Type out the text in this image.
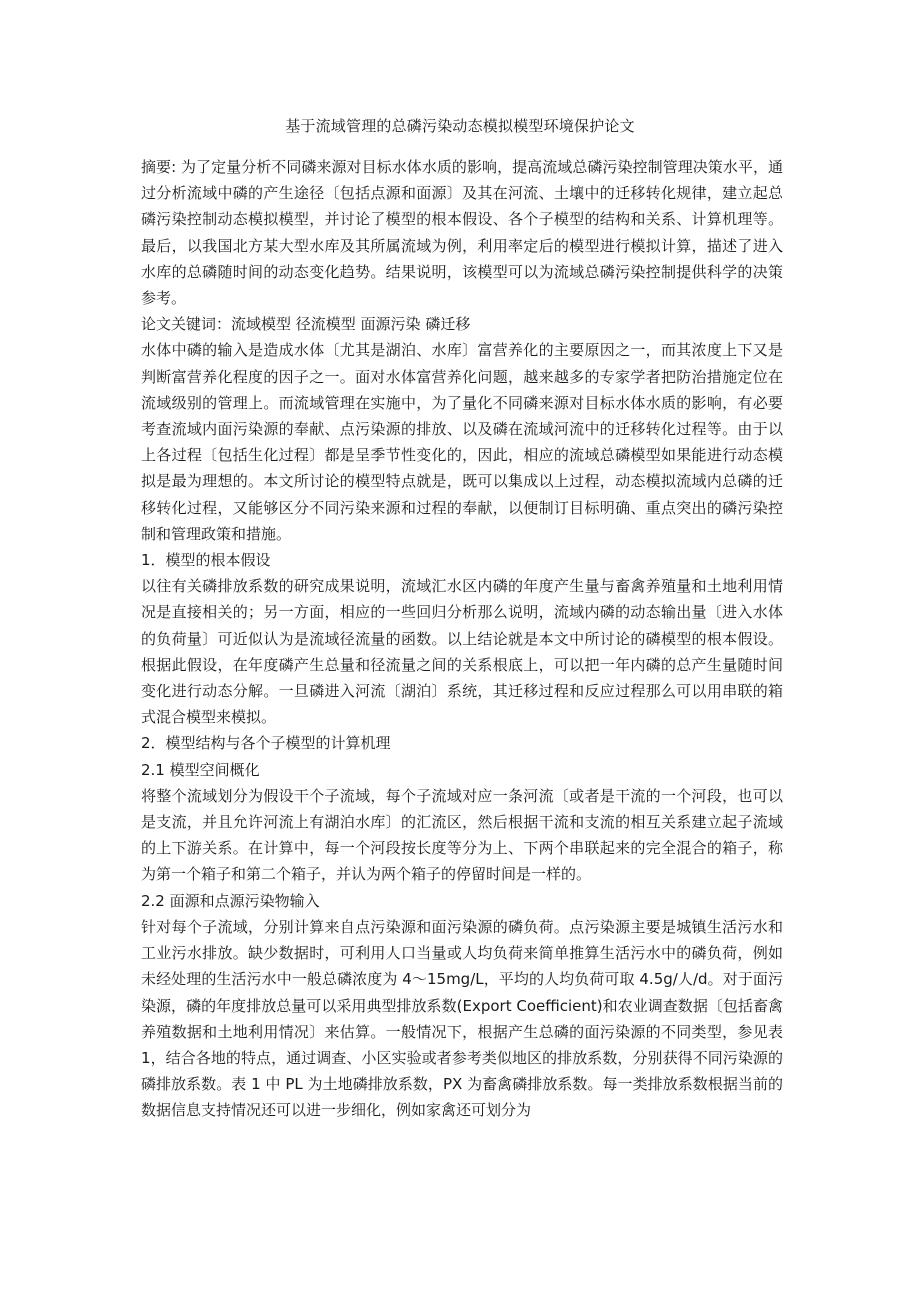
基于流域管理的总磷污染动态模拟模型环境保护论文

摘要: 为了定量分析不同磷来源对目标水体水质的影响，提高流域总磷污染控制管理决策水平，通过分析流域中磷的产生途径〔包括点源和面源〕及其在河流、土壤中的迁移转化规律，建立起总磷污染控制动态模拟模型，并讨论了模型的根本假设、各个子模型的结构和关系、计算机理等。最后，以我国北方某大型水库及其所属流域为例，利用率定后的模型进行模拟计算，描述了进入水库的总磷随时间的动态变化趋势。结果说明，该模型可以为流域总磷污染控制提供科学的决策参考。

论文关键词：流域模型 径流模型 面源污染 磷迁移

水体中磷的输入是造成水体〔尤其是湖泊、水库〕富营养化的主要原因之一，而其浓度上下又是判断富营养化程度的因子之一。面对水体富营养化问题，越来越多的专家学者把防治措施定位在流域级别的管理上。而流域管理在实施中，为了量化不同磷来源对目标水体水质的影响，有必要考查流域内面污染源的奉献、点污染源的排放、以及磷在流域河流中的迁移转化过程等。由于以上各过程〔包括生化过程〕都是呈季节性变化的，因此，相应的流域总磷模型如果能进行动态模拟是最为理想的。本文所讨论的模型特点就是，既可以集成以上过程，动态模拟流域内总磷的迁移转化过程，又能够区分不同污染来源和过程的奉献，以便制订目标明确、重点突出的磷污染控制和管理政策和措施。

1．模型的根本假设

以往有关磷排放系数的研究成果说明，流域汇水区内磷的年度产生量与畜禽养殖量和土地利用情况是直接相关的；另一方面，相应的一些回归分析那么说明，流域内磷的动态输出量〔进入水体的负荷量〕可近似认为是流域径流量的函数。以上结论就是本文中所讨论的磷模型的根本假设。根据此假设，在年度磷产生总量和径流量之间的关系根底上，可以把一年内磷的总产生量随时间变化进行动态分解。一旦磷进入河流〔湖泊〕系统，其迁移过程和反应过程那么可以用串联的箱式混合模型来模拟。

2．模型结构与各个子模型的计算机理

2.1 模型空间概化

将整个流域划分为假设干个子流域，每个子流域对应一条河流〔或者是干流的一个河段，也可以是支流，并且允许河流上有湖泊水库〕的汇流区，然后根据干流和支流的相互关系建立起子流域的上下游关系。在计算中，每一个河段按长度等分为上、下两个串联起来的完全混合的箱子，称为第一个箱子和第二个箱子，并认为两个箱子的停留时间是一样的。

2.2 面源和点源污染物输入

针对每个子流域，分别计算来自点污染源和面污染源的磷负荷。点污染源主要是城镇生活污水和工业污水排放。缺少数据时，可利用人口当量或人均负荷来简单推算生活污水中的磷负荷，例如未经处理的生活污水中一般总磷浓度为 4～15mg/L，平均的人均负荷可取 4.5g/人/d。对于面污染源，磷的年度排放总量可以采用典型排放系数(Export Coefficient)和农业调查数据〔包括畜禽养殖数据和土地利用情况〕来估算。一般情况下，根据产生总磷的面污染源的不同类型，参见表 1，结合各地的特点，通过调查、小区实验或者参考类似地区的排放系数，分别获得不同污染源的磷排放系数。表 1 中 PL 为土地磷排放系数，PX 为畜禽磷排放系数。每一类排放系数根据当前的数据信息支持情况还可以进一步细化，例如家禽还可划分为
